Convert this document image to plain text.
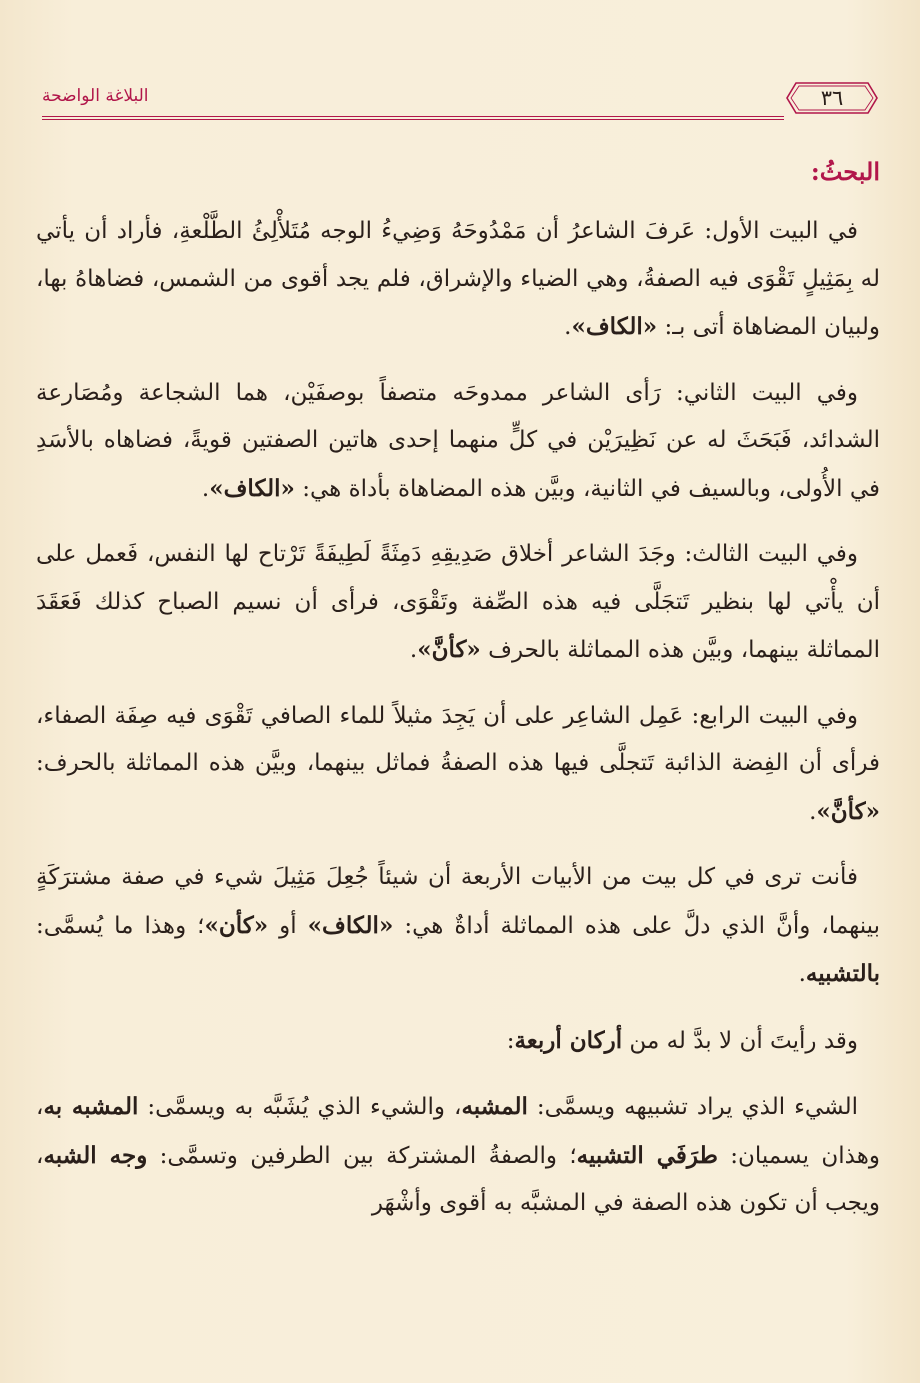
٣٦
البلاغة الواضحة
البحثُ:

في البيت الأول: عَرفَ الشاعرُ أن مَمْدُوحَهُ وَضِيءُ الوجه مُتَلأْلِئُ الطَّلْعةِ، فأراد أن يأتي له بِمَثِيلٍ تَقْوَى فيه الصفةُ، وهي الضياء والإشراق، فلم يجد أقوى من الشمس، فضاهاهُ بها، ولبيان المضاهاة أتى بـ: «الكاف».

وفي البيت الثاني: رَأى الشاعر ممدوحَه متصفاً بوصفَيْن، هما الشجاعة ومُصَارعة الشدائد، فَبَحَثَ له عن نَظِيرَيْن في كلٍّ منهما إحدى هاتين الصفتين قويةً، فضاهاه بالأسَدِ في الأُولى، وبالسيف في الثانية، وبيَّن هذه المضاهاة بأداة هي: «الكاف».

وفي البيت الثالث: وجَدَ الشاعر أخلاق صَدِيقِهِ دَمِثَةً لَطِيفَةً تَرْتاح لها النفس، فَعمل على أن يأْتي لها بنظير تَتجَلَّى فيه هذه الصِّفة وتَقْوَى، فرأى أن نسيم الصباح كذلك فَعَقَدَ المماثلة بينهما، وبيَّن هذه المماثلة بالحرف «كأنَّ».

وفي البيت الرابع: عَمِل الشاعِر على أن يَجِدَ مثيلاً للماء الصافي تَقْوَى فيه صِفَة الصفاء، فرأى أن الفِضة الذائبة تَتجلَّى فيها هذه الصفةُ فماثل بينهما، وبيَّن هذه المماثلة بالحرف: «كأنَّ».

فأنت ترى في كل بيت من الأبيات الأربعة أن شيئاً جُعِلَ مَثِيلَ شيء في صفة مشترَكَةٍ بينهما، وأنَّ الذي دلَّ على هذه المماثلة أداةٌ هي: «الكاف» أو «كأن»؛ وهذا ما يُسمَّى: بالتشبيه.

وقد رأيتَ أن لا بدَّ له من أركان أربعة:

الشيء الذي يراد تشبيهه ويسمَّى: المشبه، والشيء الذي يُشَبَّه به ويسمَّى: المشبه به، وهذان يسميان: طرَفَي التشبيه؛ والصفةُ المشتركة بين الطرفين وتسمَّى: وجه الشبه، ويجب أن تكون هذه الصفة في المشبَّه به أقوى وأشْهَر
